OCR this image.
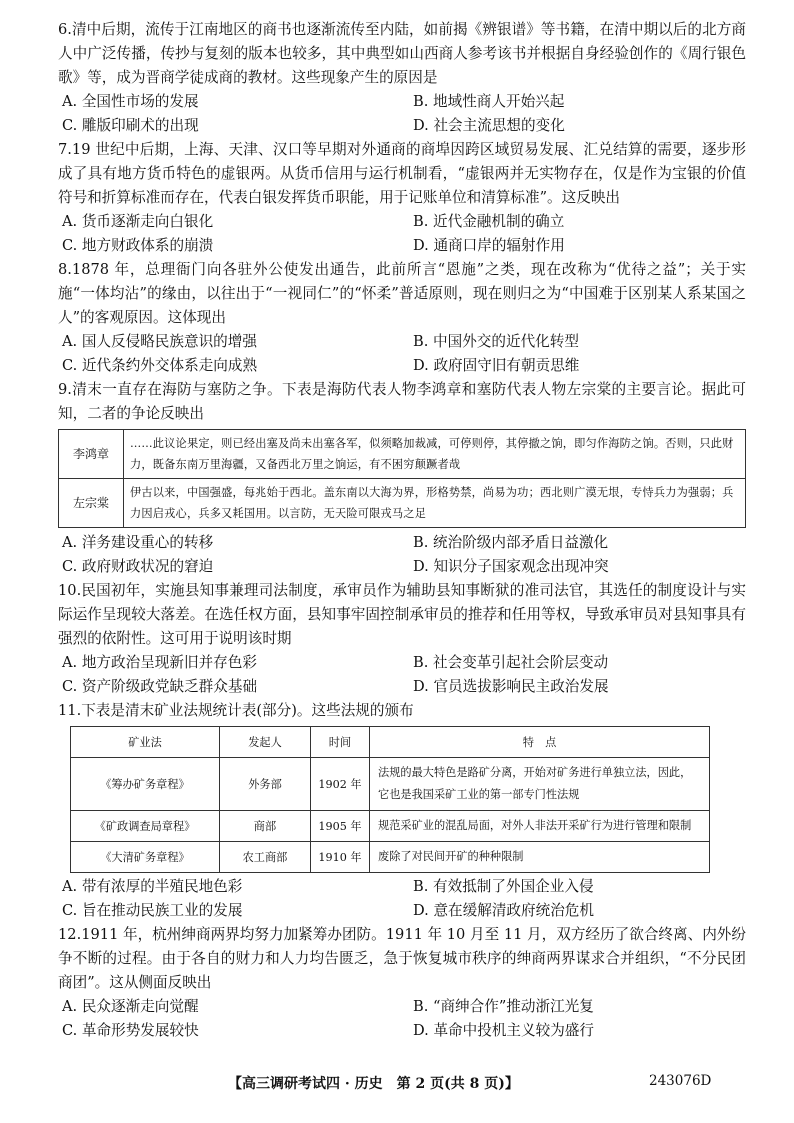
6.清中后期，流传于江南地区的商书也逐渐流传至内陆，如前揭《辨银谱》等书籍，在清中期以后的北方商人中广泛传播，传抄与复刻的版本也较多，其中典型如山西商人参考该书并根据自身经验创作的《周行银色歌》等，成为晋商学徒成商的教材。这些现象产生的原因是
A. 全国性市场的发展	B. 地域性商人开始兴起
C. 雕版印刷术的出现	D. 社会主流思想的变化
7.19 世纪中后期，上海、天津、汉口等早期对外通商的商埠因跨区域贸易发展、汇兑结算的需要，逐步形成了具有地方货币特色的虚银两。从货币信用与运行机制看，“虚银两并无实物存在，仅是作为宝银的价值符号和折算标准而存在，代表白银发挥货币职能，用于记账单位和清算标准”。这反映出
A. 货币逐渐走向白银化	B. 近代金融机制的确立
C. 地方财政体系的崩溃	D. 通商口岸的辐射作用
8.1878 年，总理衙门向各驻外公使发出通告，此前所言“恩施”之类，现在改称为“优待之益”；关于实施“一体均沾”的缘由，以往出于“一视同仁”的“怀柔”普适原则，现在则归之为“中国难于区别某人系某国之人”的客观原因。这体现出
A. 国人反侵略民族意识的增强	B. 中国外交的近代化转型
C. 近代条约外交体系走向成熟	D. 政府固守旧有朝贡思维
9.清末一直存在海防与塞防之争。下表是海防代表人物李鸿章和塞防代表人物左宗棠的主要言论。据此可知，二者的争论反映出
李鸿章	……此议论果定，则已经出塞及尚未出塞各军，似须略加裁减，可停则停，其停撤之饷，即匀作海防之饷。否则，只此财力，既备东南万里海疆，又备西北万里之饷运，有不困穷颠蹶者哉
左宗棠	伊古以来，中国强盛，每兆始于西北。盖东南以大海为界，形格势禁，尚易为功；西北则广漠无垠，专恃兵力为强弱；兵力因启戎心，兵多又耗国用。以言防，无天险可限戎马之足
A. 洋务建设重心的转移	B. 统治阶级内部矛盾日益激化
C. 政府财政状况的窘迫	D. 知识分子国家观念出现冲突
10.民国初年，实施县知事兼理司法制度，承审员作为辅助县知事断狱的准司法官，其选任的制度设计与实际运作呈现较大落差。在选任权方面，县知事牢固控制承审员的推荐和任用等权，导致承审员对县知事具有强烈的依附性。这可用于说明该时期
A. 地方政治呈现新旧并存色彩	B. 社会变革引起社会阶层变动
C. 资产阶级政党缺乏群众基础	D. 官员选拔影响民主政治发展
11.下表是清末矿业法规统计表(部分)。这些法规的颁布
矿业法	发起人	时间	特　点
《筹办矿务章程》	外务部	1902 年	法规的最大特色是路矿分离，开始对矿务进行单独立法，因此，它也是我国采矿工业的第一部专门性法规
《矿政调查局章程》	商部	1905 年	规范采矿业的混乱局面，对外人非法开采矿行为进行管理和限制
《大清矿务章程》	农工商部	1910 年	废除了对民间开矿的种种限制
A. 带有浓厚的半殖民地色彩	B. 有效抵制了外国企业入侵
C. 旨在推动民族工业的发展	D. 意在缓解清政府统治危机
12.1911 年，杭州绅商两界均努力加紧筹办团防。1911 年 10 月至 11 月，双方经历了欲合终离、内外纷争不断的过程。由于各自的财力和人力均告匮乏，急于恢复城市秩序的绅商两界谋求合并组织，“不分民团商团”。这从侧面反映出
A. 民众逐渐走向觉醒	B. “商绅合作”推动浙江光复
C. 革命形势发展较快	D. 革命中投机主义较为盛行
【高三调研考试四 · 历史　第 2 页(共 8 页)】	243076D
